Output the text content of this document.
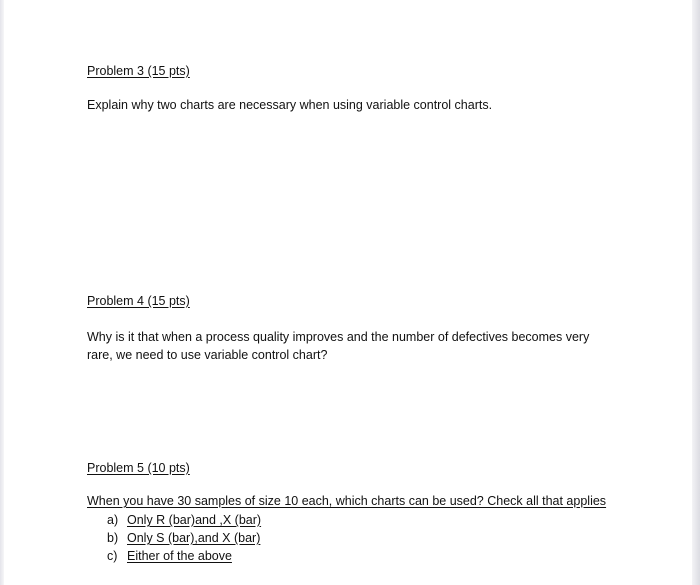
Problem 3 (15 pts)
Explain why two charts are necessary when using variable control charts.
Problem 4 (15 pts)
Why is it that when a process quality improves and the number of defectives becomes very
rare, we need to use variable control chart?
Problem 5 (10 pts)
When you have 30 samples of size 10 each, which charts can be used? Check all that applies
a) Only R (bar)and ,X (bar)
b) Only S (bar),and X (bar)
c) Either of the above
